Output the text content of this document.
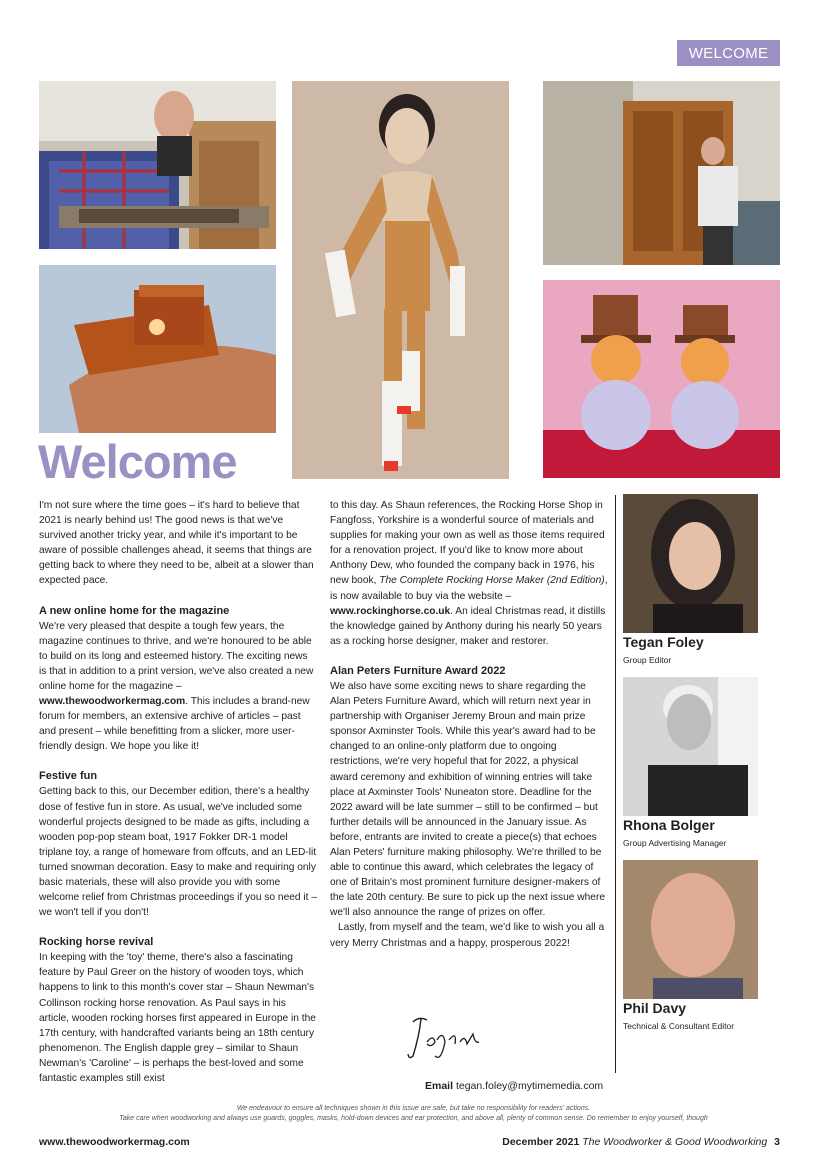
WELCOME
Welcome

I'm not sure where the time goes – it's hard to believe that 2021 is nearly behind us! The good news is that we've survived another tricky year, and while it's important to be aware of possible challenges ahead, it seems that things are getting back to where they need to be, albeit at a slower than expected pace.

A new online home for the magazine

We're very pleased that despite a tough few years, the magazine continues to thrive, and we're honoured to be able to build on its long and esteemed history. The exciting news is that in addition to a print version, we've also created a new online home for the magazine – www.thewoodworkermag.com. This includes a brand-new forum for members, an extensive archive of articles – past and present – while benefitting from a slicker, more user-friendly design. We hope you like it!

Festive fun

Getting back to this, our December edition, there's a healthy dose of festive fun in store. As usual, we've included some wonderful projects designed to be made as gifts, including a wooden pop-pop steam boat, 1917 Fokker DR-1 model triplane toy, a range of homeware from offcuts, and an LED-lit turned snowman decoration. Easy to make and requiring only basic materials, these will also provide you with some welcome relief from Christmas proceedings if you so need it – we won't tell if you don't!

Rocking horse revival

In keeping with the 'toy' theme, there's also a fascinating feature by Paul Greer on the history of wooden toys, which happens to link to this month's cover star – Shaun Newman's Collinson rocking horse renovation. As Paul says in his article, wooden rocking horses first appeared in Europe in the 17th century, with handcrafted variants being an 18th century phenomenon. The English dapple grey – similar to Shaun Newman's 'Caroline' – is perhaps the best-loved and some fantastic examples still exist

to this day. As Shaun references, the Rocking Horse Shop in Fangfoss, Yorkshire is a wonderful source of materials and supplies for making your own as well as those items required for a renovation project. If you'd like to know more about Anthony Dew, who founded the company back in 1976, his new book, The Complete Rocking Horse Maker (2nd Edition), is now available to buy via the website – www.rockinghorse.co.uk. An ideal Christmas read, it distills the knowledge gained by Anthony during his nearly 50 years as a rocking horse designer, maker and restorer.

Alan Peters Furniture Award 2022

We also have some exciting news to share regarding the Alan Peters Furniture Award, which will return next year in partnership with Organiser Jeremy Broun and main prize sponsor Axminster Tools. While this year's award had to be changed to an online-only platform due to ongoing restrictions, we're very hopeful that for 2022, a physical award ceremony and exhibition of winning entries will take place at Axminster Tools' Nuneaton store. Deadline for the 2022 award will be late summer – still to be confirmed – but further details will be announced in the January issue. As before, entrants are invited to create a piece(s) that echoes Alan Peters' furniture making philosophy. We're thrilled to be able to continue this award, which celebrates the legacy of one of Britain's most prominent furniture designer-makers of the late 20th century. Be sure to pick up the next issue where we'll also announce the range of prizes on offer.

Lastly, from myself and the team, we'd like to wish you all a very Merry Christmas and a happy, prosperous 2022!

Email tegan.foley@mytimemedia.com
Tegan Foley
Group Editor
Rhona Bolger
Group Advertising Manager
Phil Davy
Technical & Consultant Editor
We endeavour to ensure all techniques shown in this issue are safe, but take no responsibility for readers' actions.
Take care when woodworking and always use guards, goggles, masks, hold-down devices and ear protection, and above all, plenty of common sense. Do remember to enjoy yourself, though
www.thewoodworkermag.com	December 2021 The Woodworker & Good Woodworking 3
